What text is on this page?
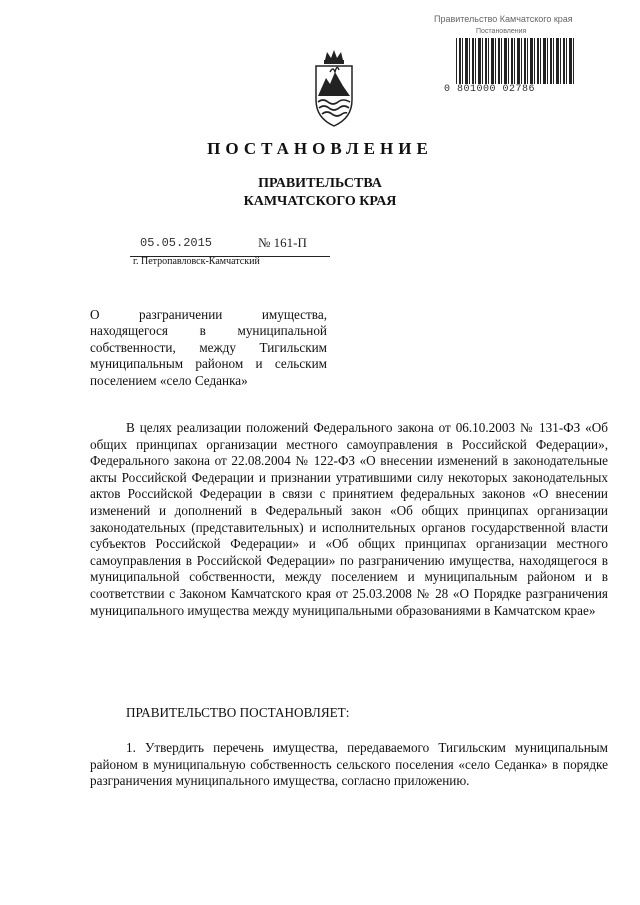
Правительство Камчатского края
Постановления
0 801000 02786
ПОСТАНОВЛЕНИЕ
ПРАВИТЕЛЬСТВА
КАМЧАТСКОГО КРАЯ
05.05.2015	№ 161-П
г. Петропавловск-Камчатский
О разграничении имущества, находящегося в муниципальной собственности, между Тигильским муниципальным районом и сельским поселением «село Седанка»
В целях реализации положений Федерального закона от 06.10.2003 № 131-ФЗ «Об общих принципах организации местного самоуправления в Российской Федерации», Федерального закона от 22.08.2004 № 122-ФЗ «О внесении изменений в законодательные акты Российской Федерации и признании утратившими силу некоторых законодательных актов Российской Федерации в связи с принятием федеральных законов «О внесении изменений и дополнений в Федеральный закон «Об общих принципах организации законодательных (представительных) и исполнительных органов государственной власти субъектов Российской Федерации» и «Об общих принципах организации местного самоуправления в Российской Федерации» по разграничению имущества, находящегося в муниципальной собственности, между поселением и муниципальным районом и в соответствии с Законом Камчатского края от 25.03.2008 № 28 «О Порядке разграничения муниципального имущества между муниципальными образованиями в Камчатском крае»
ПРАВИТЕЛЬСТВО ПОСТАНОВЛЯЕТ:
1. Утвердить перечень имущества, передаваемого Тигильским муниципальным районом в муниципальную собственность сельского поселения «село Седанка» в порядке разграничения муниципального имущества, согласно приложению.
